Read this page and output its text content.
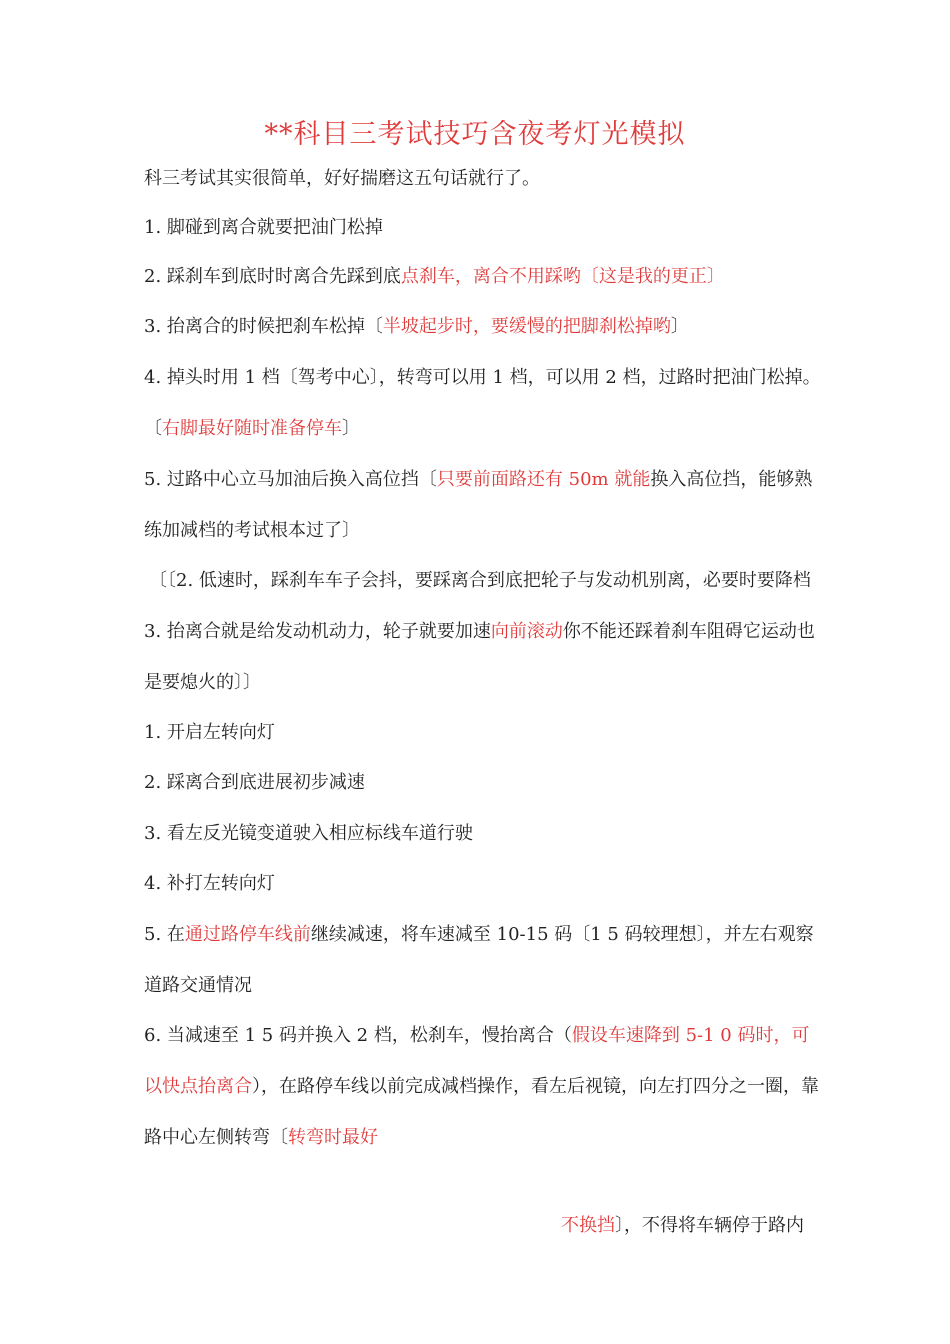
**科目三考试技巧含夜考灯光模拟
科三考试其实很简单，好好揣磨这五句话就行了。
1. 脚碰到离合就要把油门松掉
2. 踩刹车到底时时离合先踩到底点刹车，离合不用踩哟〔这是我的更正〕
3. 抬离合的时候把刹车松掉〔半坡起步时，要缓慢的把脚刹松掉哟〕
4. 掉头时用 1 档〔驾考中心〕，转弯可以用 1 档，可以用 2 档，过路时把油门松掉。〔右脚最好随时准备停车〕
5. 过路中心立马加油后换入高位挡〔只要前面路还有 50m 就能换入高位挡，能够熟练加减档的考试根本过了〕
〔〔2. 低速时，踩刹车车子会抖，要踩离合到底把轮子与发动机别离，必要时要降档 3. 抬离合就是给发动机动力，轮子就要加速向前滚动你不能还踩着刹车阻碍它运动也是要熄火的〕〕
1. 开启左转向灯
2. 踩离合到底进展初步减速
3. 看左反光镜变道驶入相应标线车道行驶
4. 补打左转向灯
5. 在通过路停车线前继续减速，将车速减至 10-15 码〔1 5 码较理想〕，并左右观察道路交通情况
6. 当减速至 1 5 码并换入 2 档，松刹车，慢抬离合（假设车速降到 5-1 0 码时，可以快点抬离合），在路停车线以前完成减档操作，看左后视镜，向左打四分之一圈，靠路中心左侧转弯〔转弯时最好
不换挡〕，不得将车辆停于路内
